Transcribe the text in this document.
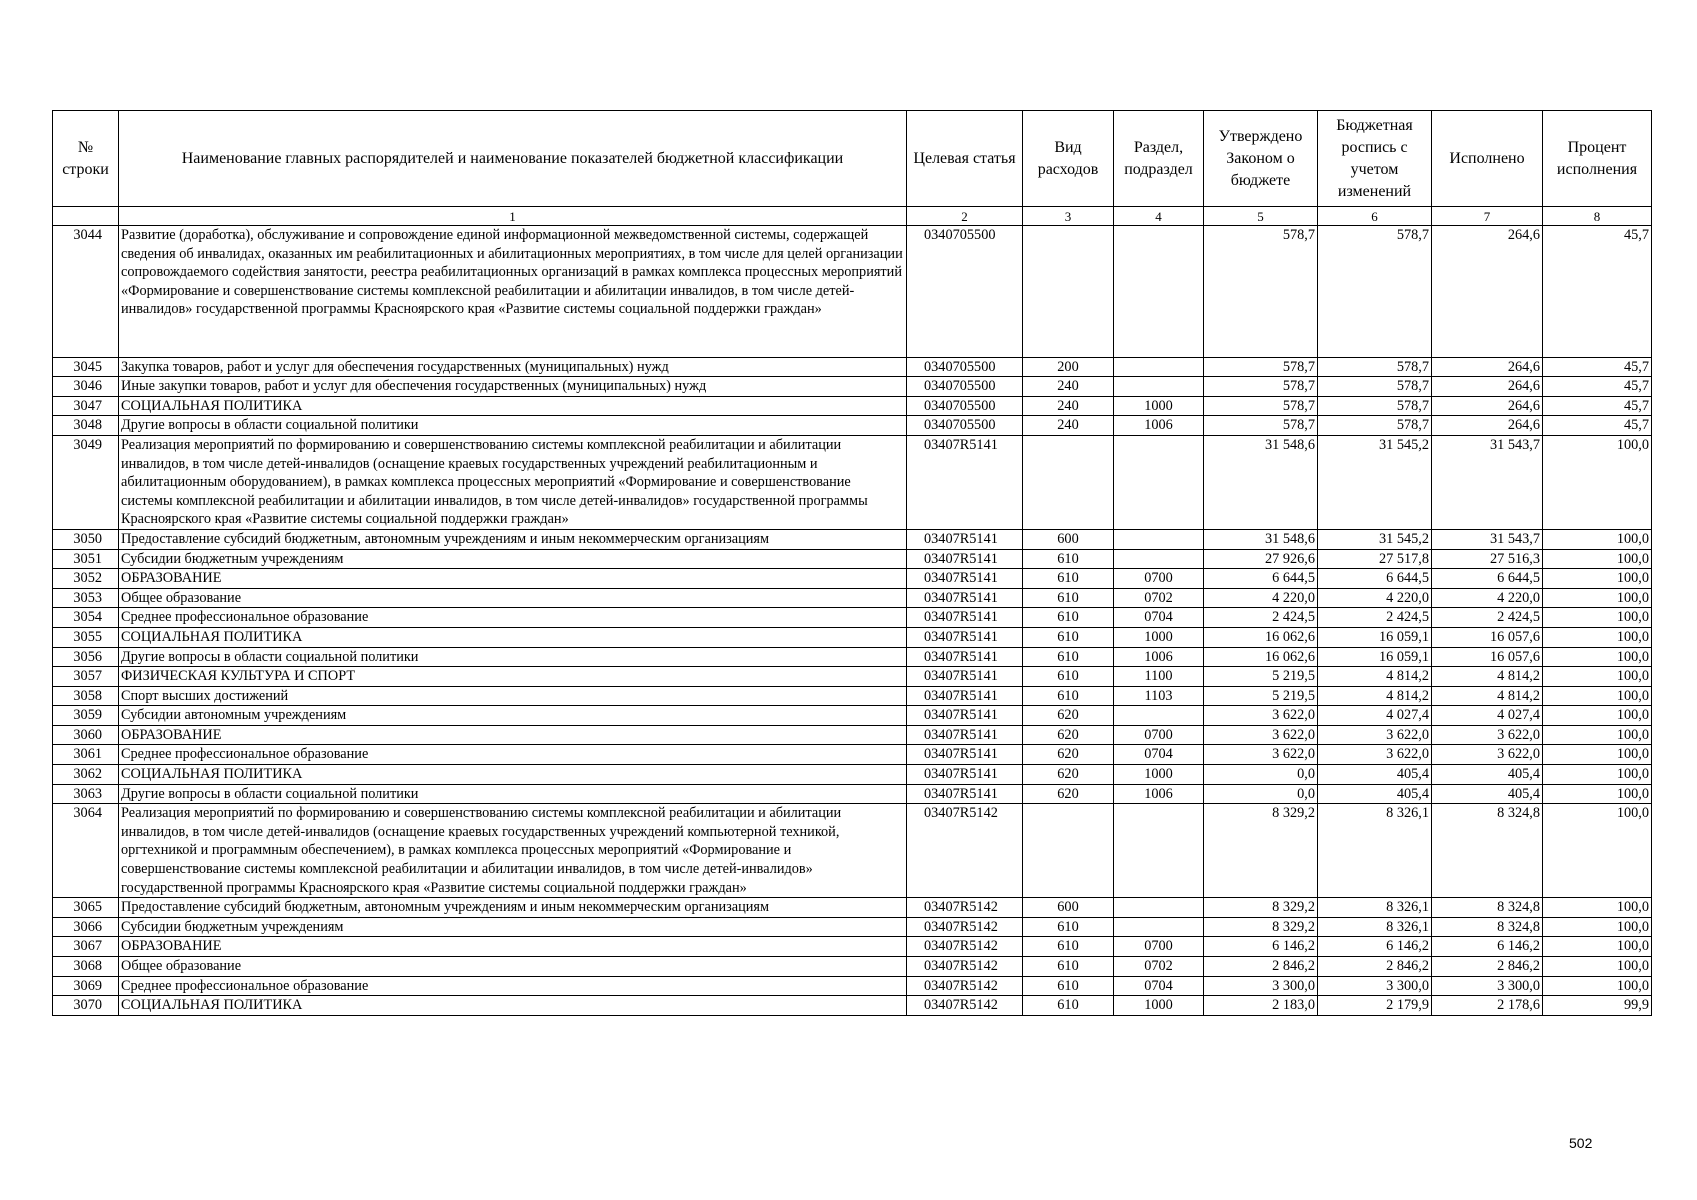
№ строки	Наименование главных распорядителей и наименование показателей бюджетной классификации	Целевая статья	Вид расходов	Раздел, подраздел	Утверждено Законом о бюджете	Бюджетная роспись с учетом изменений	Исполнено	Процент исполнения
	1	2	3	4	5	6	7	8
3044	Развитие (доработка), обслуживание и сопровождение единой информационной межведомственной системы, содержащей сведения об инвалидах, оказанных им реабилитационных и абилитационных мероприятиях, в том числе для целей организации сопровождаемого содействия занятости, реестра реабилитационных организаций в рамках комплекса процессных мероприятий «Формирование и совершенствование системы комплексной реабилитации и абилитации инвалидов, в том числе детей-инвалидов» государственной программы Красноярского края «Развитие системы социальной поддержки граждан»	0340705500			578,7	578,7	264,6	45,7
3045	Закупка товаров, работ и услуг для обеспечения государственных (муниципальных) нужд	0340705500	200		578,7	578,7	264,6	45,7
3046	Иные закупки товаров, работ и услуг для обеспечения государственных (муниципальных) нужд	0340705500	240		578,7	578,7	264,6	45,7
3047	СОЦИАЛЬНАЯ ПОЛИТИКА	0340705500	240	1000	578,7	578,7	264,6	45,7
3048	Другие вопросы в области социальной политики	0340705500	240	1006	578,7	578,7	264,6	45,7
3049	Реализация мероприятий по формированию и совершенствованию системы комплексной реабилитации и абилитации инвалидов, в том числе детей-инвалидов (оснащение краевых государственных учреждений реабилитационным и абилитационным оборудованием), в рамках комплекса процессных мероприятий «Формирование и совершенствование системы комплексной реабилитации и абилитации инвалидов, в том числе детей-инвалидов» государственной программы Красноярского края «Развитие системы социальной поддержки граждан»	03407R5141			31 548,6	31 545,2	31 543,7	100,0
3050	Предоставление субсидий бюджетным, автономным учреждениям и иным некоммерческим организациям	03407R5141	600		31 548,6	31 545,2	31 543,7	100,0
3051	Субсидии бюджетным учреждениям	03407R5141	610		27 926,6	27 517,8	27 516,3	100,0
3052	ОБРАЗОВАНИЕ	03407R5141	610	0700	6 644,5	6 644,5	6 644,5	100,0
3053	Общее образование	03407R5141	610	0702	4 220,0	4 220,0	4 220,0	100,0
3054	Среднее профессиональное образование	03407R5141	610	0704	2 424,5	2 424,5	2 424,5	100,0
3055	СОЦИАЛЬНАЯ ПОЛИТИКА	03407R5141	610	1000	16 062,6	16 059,1	16 057,6	100,0
3056	Другие вопросы в области социальной политики	03407R5141	610	1006	16 062,6	16 059,1	16 057,6	100,0
3057	ФИЗИЧЕСКАЯ КУЛЬТУРА И СПОРТ	03407R5141	610	1100	5 219,5	4 814,2	4 814,2	100,0
3058	Спорт высших достижений	03407R5141	610	1103	5 219,5	4 814,2	4 814,2	100,0
3059	Субсидии автономным учреждениям	03407R5141	620		3 622,0	4 027,4	4 027,4	100,0
3060	ОБРАЗОВАНИЕ	03407R5141	620	0700	3 622,0	3 622,0	3 622,0	100,0
3061	Среднее профессиональное образование	03407R5141	620	0704	3 622,0	3 622,0	3 622,0	100,0
3062	СОЦИАЛЬНАЯ ПОЛИТИКА	03407R5141	620	1000	0,0	405,4	405,4	100,0
3063	Другие вопросы в области социальной политики	03407R5141	620	1006	0,0	405,4	405,4	100,0
3064	Реализация мероприятий по формированию и совершенствованию системы комплексной реабилитации и абилитации инвалидов, в том числе детей-инвалидов (оснащение краевых государственных учреждений компьютерной техникой, оргтехникой и программным обеспечением), в рамках комплекса процессных мероприятий «Формирование и совершенствование системы комплексной реабилитации и абилитации инвалидов, в том числе детей-инвалидов» государственной программы Красноярского края «Развитие системы социальной поддержки граждан»	03407R5142			8 329,2	8 326,1	8 324,8	100,0
3065	Предоставление субсидий бюджетным, автономным учреждениям и иным некоммерческим организациям	03407R5142	600		8 329,2	8 326,1	8 324,8	100,0
3066	Субсидии бюджетным учреждениям	03407R5142	610		8 329,2	8 326,1	8 324,8	100,0
3067	ОБРАЗОВАНИЕ	03407R5142	610	0700	6 146,2	6 146,2	6 146,2	100,0
3068	Общее образование	03407R5142	610	0702	2 846,2	2 846,2	2 846,2	100,0
3069	Среднее профессиональное образование	03407R5142	610	0704	3 300,0	3 300,0	3 300,0	100,0
3070	СОЦИАЛЬНАЯ ПОЛИТИКА	03407R5142	610	1000	2 183,0	2 179,9	2 178,6	99,9
502
